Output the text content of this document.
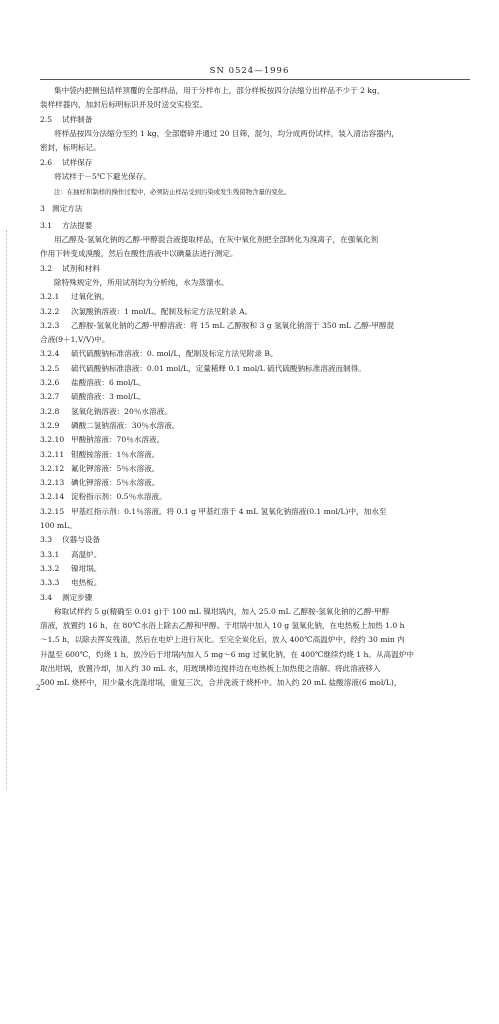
SN 0524—1996
集中袋内把侧包括样顶覆的全部样品，用于分样布上，部分样板按四分法缩分出样品不少于 2 kg，
装样样器内，加封后标明标识并及时送交实验室。
2.5 试样制备
将样品按四分法缩分至约 1 kg，全部磨碎并通过 20 目筛，混匀，均分成两份试样，装入清洁容器内，
密封，标明标记。
2.6 试样保存
将试样于－5℃下避光保存。
注：在抽样和制样的操作过程中，必须防止样品受到污染或发生残留物含量的变化。
3 测定方法
3.1 方法提要
用乙醇及-氢氧化钠的乙醇-甲醇混合液提取样品，在灰中氧化剂把全部转化为溴离子，在强氧化剂
作用下转变成溴酸，然后在酸性溶液中以碘量法进行测定。
3.2 试剂和材料
除特殊规定外，所用试剂均为分析纯，水为蒸馏水。
3.2.1 过氧化钠。
3.2.2 次氯酸钠溶液：1 mol/L。配制及标定方法见附录 A。
3.2.3 乙醇胺-氢氧化钠的乙醇-甲醇溶液：将 15 mL 乙醇胺和 3 g 氢氧化钠溶于 350 mL 乙醇-甲醇混
合液(9＋1,V/V)中。
3.2.4 硫代硫酸钠标准溶液：0. mol/L，配制及标定方法见附录 B。
3.2.5 硫代硫酸钠标准溶液：0.01 mol/L，定量稀释 0.1 mol/L 硫代硫酸钠标准溶液而制得。
3.2.6 盐酸溶液：6 mol/L。
3.2.7 硫酸溶液：3 mol/L。
3.2.8 氢氧化钠溶液：20％水溶液。
3.2.9 磷酸二氢钠溶液：30％水溶液。
3.2.10 甲酸钠溶液：70％水溶液。
3.2.11 钼酸铵溶液：1％水溶液。
3.2.12 氟化钾溶液：5％水溶液。
3.2.13 碘化钾溶液：5％水溶液。
3.2.14 淀粉指示剂：0.5％水溶液。
3.2.15 甲基红指示剂：0.1％溶液。将 0.1 g 甲基红溶于 4 mL 氢氧化钠溶液(0.1 mol/L)中，加水至
100 mL。
3.3 仪器与设备
3.3.1 高温炉。
3.3.2 镍坩埚。
3.3.3 电热板。
3.4 测定步骤
称取试样约 5 g(精确至 0.01 g)于 100 mL 镍坩埚内，加入 25.0 mL 乙醇胺-氢氧化钠的乙醇-甲醇
溶液，放置约 16 h，在 80℃水浴上除去乙醇和甲醇。于坩埚中加入 10 g 氢氧化钠，在电热板上加热 1.0 h
～1.5 h，以除去挥发残渣，然后在电炉上进行灰化。至完全炭化后，放入 400℃高温炉中，经约 30 min 内
升温至 600℃，灼烧 1 h。放冷后于坩埚内加入 5 mg～6 mg 过氧化钠，在 400℃继续灼烧 1 h。从高温炉中
取出坩埚，放置冷却，加入约 30 mL 水，用玻璃棒边搅拌边在电热板上加热使之溶解。将此溶液移入
500 mL 烧杯中，用少量水洗涤坩埚，重复三次，合并洗液于烧杯中。加入约 20 mL 盐酸溶液(6 mol/L)，
2
